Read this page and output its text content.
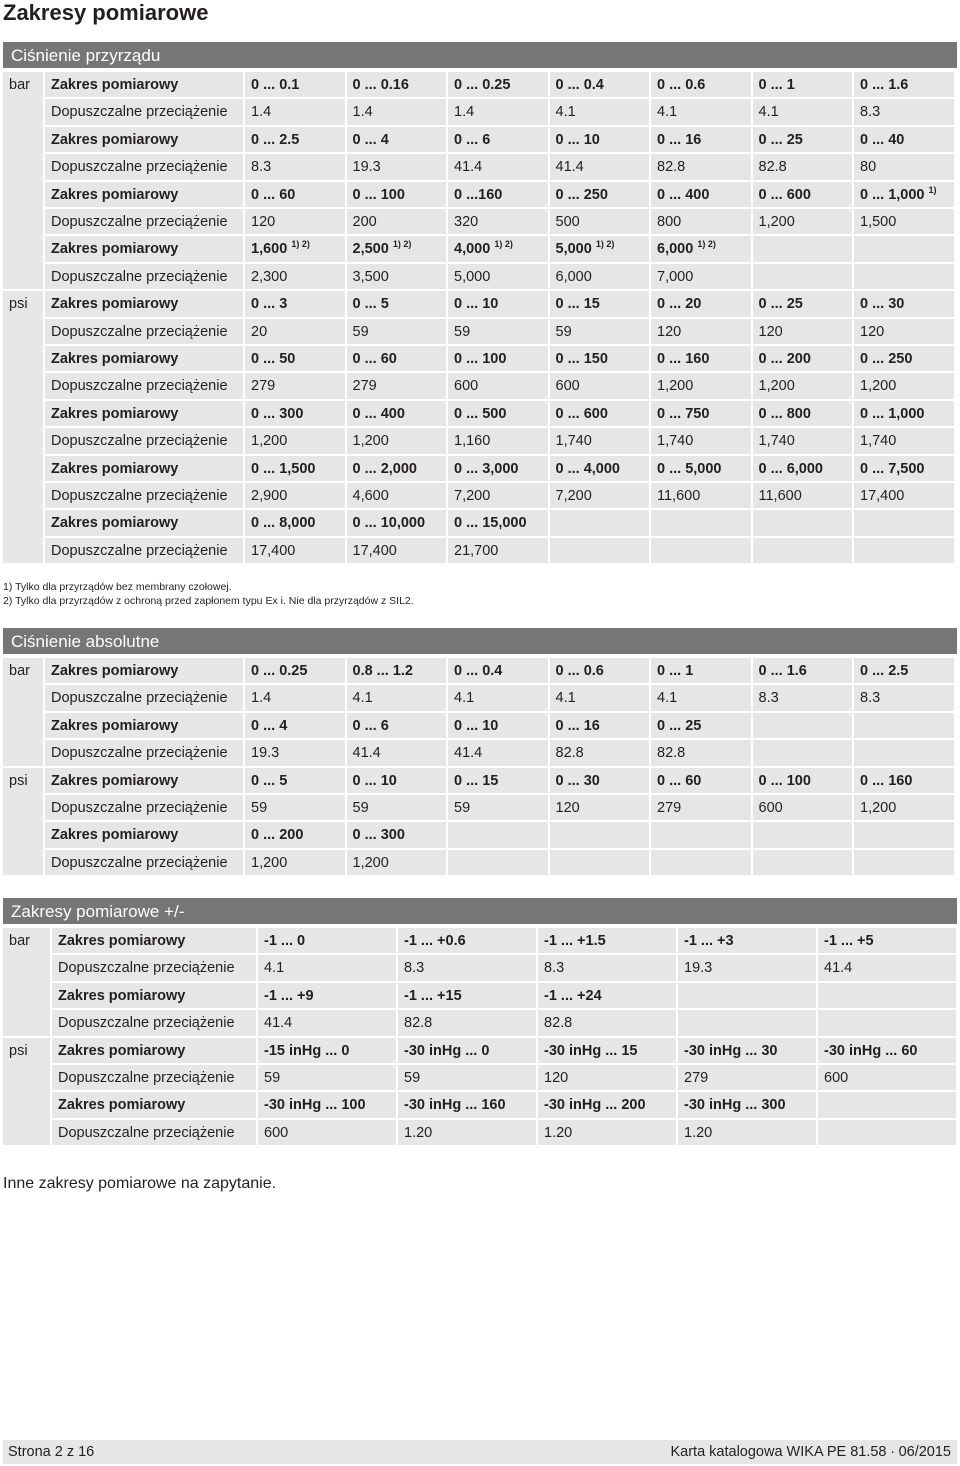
Zakresy pomiarowe
Ciśnienie przyrządu
bar	Zakres pomiarowy	0 ... 0.1	0 ... 0.16	0 ... 0.25	0 ... 0.4	0 ... 0.6	0 ... 1	0 ... 1.6
Dopuszczalne przeciążenie	1.4	1.4	1.4	4.1	4.1	4.1	8.3
Zakres pomiarowy	0 ... 2.5	0 ... 4	0 ... 6	0 ... 10	0 ... 16	0 ... 25	0 ... 40
Dopuszczalne przeciążenie	8.3	19.3	41.4	41.4	82.8	82.8	80
Zakres pomiarowy	0 ... 60	0 ... 100	0 ...160	0 ... 250	0 ... 400	0 ... 600	0 ... 1,000 $^{1)}$
Dopuszczalne przeciążenie	120	200	320	500	800	1,200	1,500
Zakres pomiarowy	1,600 $^{1) 2)}$	2,500 $^{1) 2)}$	4,000 $^{1) 2)}$	5,000 $^{1) 2)}$	6,000 $^{1) 2)}$
Dopuszczalne przeciążenie	2,300	3,500	5,000	6,000	7,000
psi	Zakres pomiarowy	0 ... 3	0 ... 5	0 ... 10	0 ... 15	0 ... 20	0 ... 25	0 ... 30
Dopuszczalne przeciążenie	20	59	59	59	120	120	120
Zakres pomiarowy	0 ... 50	0 ... 60	0 ... 100	0 ... 150	0 ... 160	0 ... 200	0 ... 250
Dopuszczalne przeciążenie	279	279	600	600	1,200	1,200	1,200
Zakres pomiarowy	0 ... 300	0 ... 400	0 ... 500	0 ... 600	0 ... 750	0 ... 800	0 ... 1,000
Dopuszczalne przeciążenie	1,200	1,200	1,160	1,740	1,740	1,740	1,740
Zakres pomiarowy	0 ... 1,500	0 ... 2,000	0 ... 3,000	0 ... 4,000	0 ... 5,000	0 ... 6,000	0 ... 7,500
Dopuszczalne przeciążenie	2,900	4,600	7,200	7,200	11,600	11,600	17,400
Zakres pomiarowy	0 ... 8,000	0 ... 10,000	0 ... 15,000
Dopuszczalne przeciążenie	17,400	17,400	21,700
1) Tylko dla przyrządów bez membrany czołowej.
2) Tylko dla przyrządów z ochroną przed zapłonem typu Ex i. Nie dla przyrządów z SIL2.
Ciśnienie absolutne
bar	Zakres pomiarowy	0 ... 0.25	0.8 ... 1.2	0 ... 0.4	0 ... 0.6	0 ... 1	0 ... 1.6	0 ... 2.5
Dopuszczalne przeciążenie	1.4	4.1	4.1	4.1	4.1	8.3	8.3
Zakres pomiarowy	0 ... 4	0 ... 6	0 ... 10	0 ... 16	0 ... 25
Dopuszczalne przeciążenie	19.3	41.4	41.4	82.8	82.8
psi	Zakres pomiarowy	0 ... 5	0 ... 10	0 ... 15	0 ... 30	0 ... 60	0 ... 100	0 ... 160
Dopuszczalne przeciążenie	59	59	59	120	279	600	1,200
Zakres pomiarowy	0 ... 200	0 ... 300
Dopuszczalne przeciążenie	1,200	1,200
Zakresy pomiarowe +/-
bar	Zakres pomiarowy	-1 ... 0	-1 ... +0.6	-1 ... +1.5	-1 ... +3	-1 ... +5
Dopuszczalne przeciążenie	4.1	8.3	8.3	19.3	41.4
Zakres pomiarowy	-1 ... +9	-1 ... +15	-1 ... +24
Dopuszczalne przeciążenie	41.4	82.8	82.8
psi	Zakres pomiarowy	-15 inHg ... 0	-30 inHg ... 0	-30 inHg ... 15	-30 inHg ... 30	-30 inHg ... 60
Dopuszczalne przeciążenie	59	59	120	279	600
Zakres pomiarowy	-30 inHg ... 100	-30 inHg ... 160	-30 inHg ... 200	-30 inHg ... 300
Dopuszczalne przeciążenie	600	1.20	1.20	1.20
Inne zakresy pomiarowe na zapytanie.
Strona 2 z 16	Karta katalogowa WIKA PE 81.58 ∙ 06/2015
